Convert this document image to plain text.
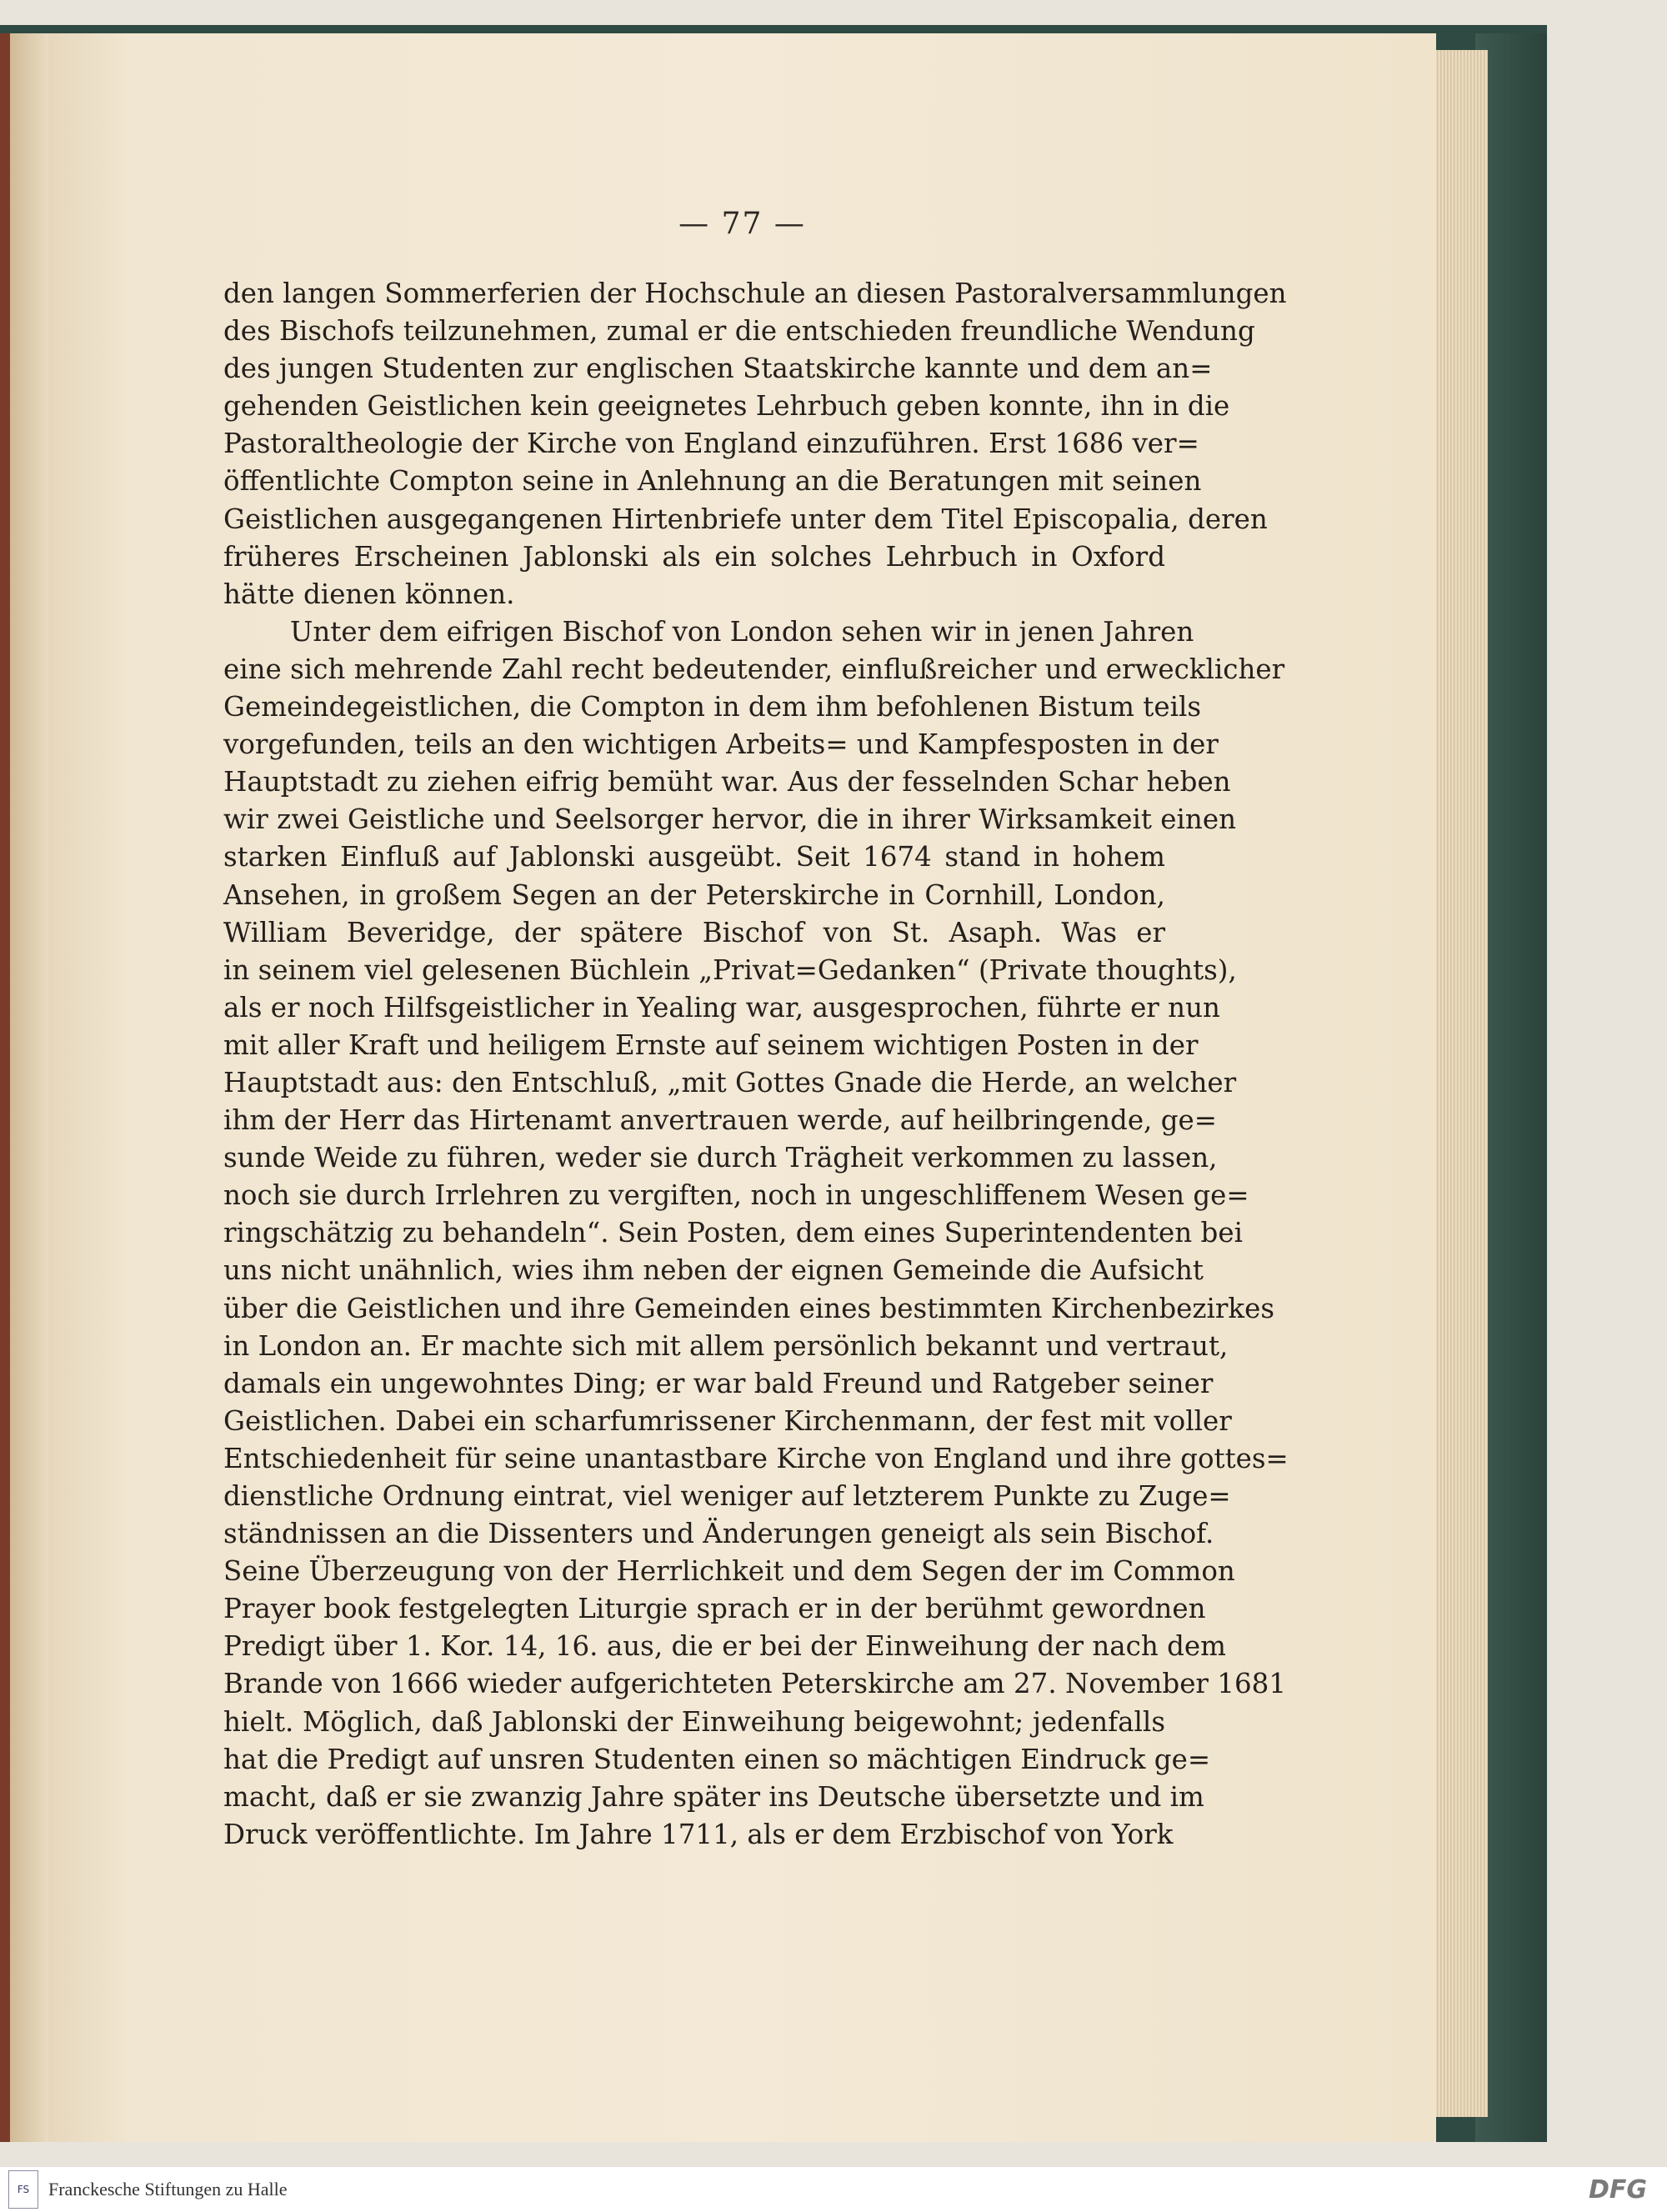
— 77 —
den langen Sommerferien der Hochschule an diesen Pastoralversammlungen
des Bischofs teilzunehmen, zumal er die entschieden freundliche Wendung
des jungen Studenten zur englischen Staatskirche kannte und dem an=
gehenden Geistlichen kein geeignetes Lehrbuch geben konnte, ihn in die
Pastoraltheologie der Kirche von England einzuführen. Erst 1686 ver=
öffentlichte Compton seine in Anlehnung an die Beratungen mit seinen
Geistlichen ausgegangenen Hirtenbriefe unter dem Titel Episcopalia, deren
früheres Erscheinen Jablonski als ein solches Lehrbuch in Oxford
hätte dienen können.
Unter dem eifrigen Bischof von London sehen wir in jenen Jahren
eine sich mehrende Zahl recht bedeutender, einflußreicher und erwecklicher
Gemeindegeistlichen, die Compton in dem ihm befohlenen Bistum teils
vorgefunden, teils an den wichtigen Arbeits= und Kampfesposten in der
Hauptstadt zu ziehen eifrig bemüht war. Aus der fesselnden Schar heben
wir zwei Geistliche und Seelsorger hervor, die in ihrer Wirksamkeit einen
starken Einfluß auf Jablonski ausgeübt. Seit 1674 stand in hohem
Ansehen, in großem Segen an der Peterskirche in Cornhill, London,
William Beveridge, der spätere Bischof von St. Asaph. Was er
in seinem viel gelesenen Büchlein „Privat=Gedanken“ (Private thoughts),
als er noch Hilfsgeistlicher in Yealing war, ausgesprochen, führte er nun
mit aller Kraft und heiligem Ernste auf seinem wichtigen Posten in der
Hauptstadt aus: den Entschluß, „mit Gottes Gnade die Herde, an welcher
ihm der Herr das Hirtenamt anvertrauen werde, auf heilbringende, ge=
sunde Weide zu führen, weder sie durch Trägheit verkommen zu lassen,
noch sie durch Irrlehren zu vergiften, noch in ungeschliffenem Wesen ge=
ringschätzig zu behandeln“. Sein Posten, dem eines Superintendenten bei
uns nicht unähnlich, wies ihm neben der eignen Gemeinde die Aufsicht
über die Geistlichen und ihre Gemeinden eines bestimmten Kirchenbezirkes
in London an. Er machte sich mit allem persönlich bekannt und vertraut,
damals ein ungewohntes Ding; er war bald Freund und Ratgeber seiner
Geistlichen. Dabei ein scharfumrissener Kirchenmann, der fest mit voller
Entschiedenheit für seine unantastbare Kirche von England und ihre gottes=
dienstliche Ordnung eintrat, viel weniger auf letzterem Punkte zu Zuge=
ständnissen an die Dissenters und Änderungen geneigt als sein Bischof.
Seine Überzeugung von der Herrlichkeit und dem Segen der im Common
Prayer book festgelegten Liturgie sprach er in der berühmt gewordnen
Predigt über 1. Kor. 14, 16. aus, die er bei der Einweihung der nach dem
Brande von 1666 wieder aufgerichteten Peterskirche am 27. November 1681
hielt. Möglich, daß Jablonski der Einweihung beigewohnt; jedenfalls
hat die Predigt auf unsren Studenten einen so mächtigen Eindruck ge=
macht, daß er sie zwanzig Jahre später ins Deutsche übersetzte und im
Druck veröffentlichte. Im Jahre 1711, als er dem Erzbischof von York
FS	Franckesche Stiftungen zu Halle	DFG
